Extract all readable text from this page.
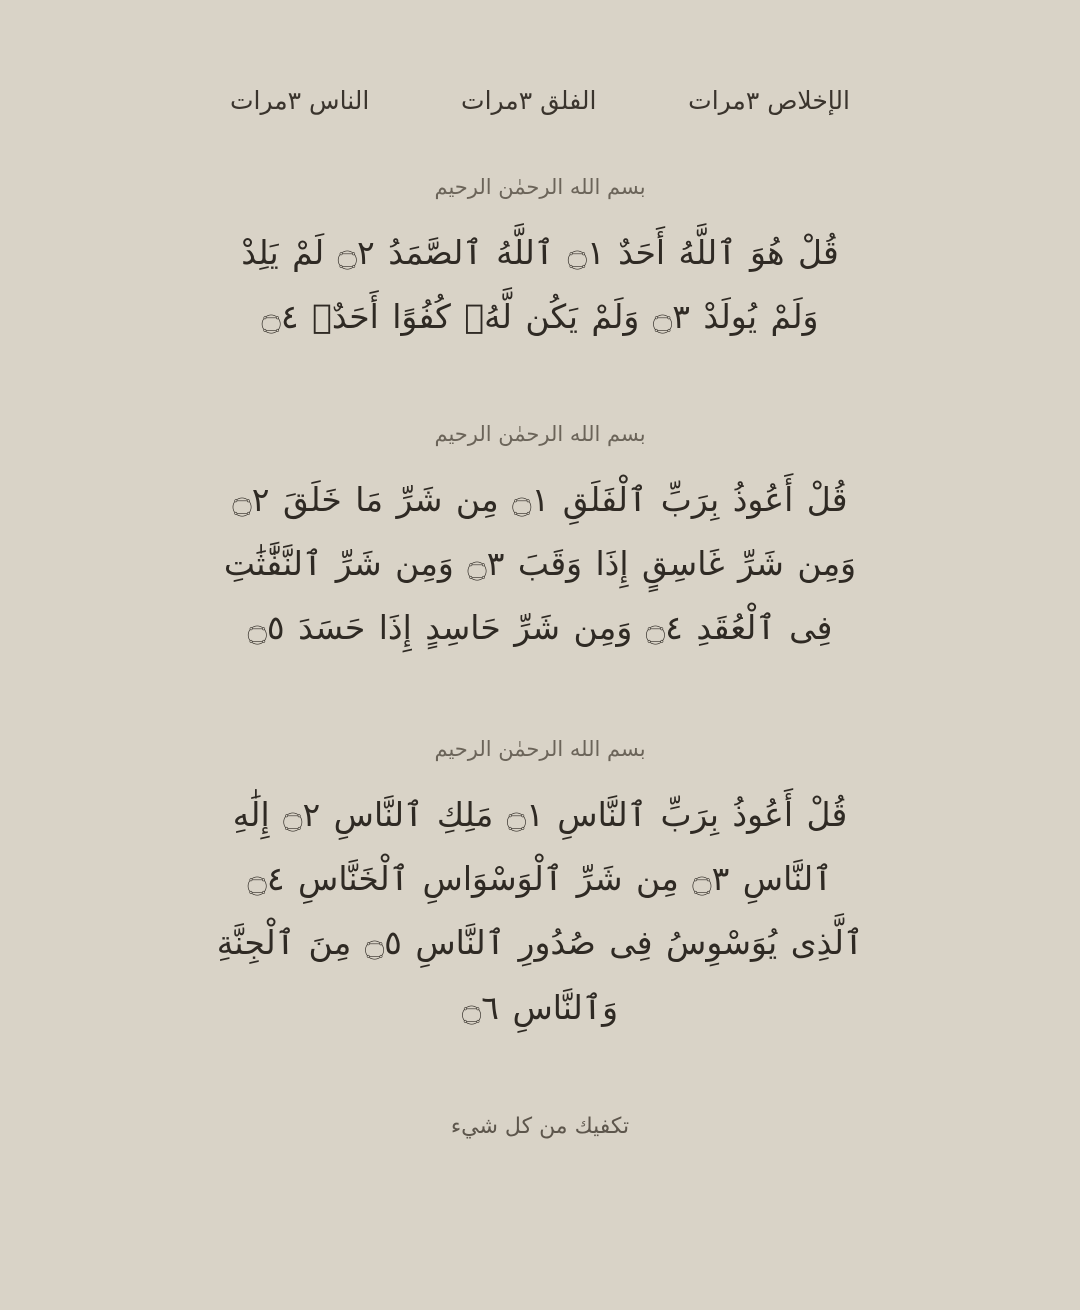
الإخلاص ٣مرات
الفلق ٣مرات
الناس ٣مرات
بسم الله الرحمٰن الرحيم
قُلْ هُوَ ٱللَّهُ أَحَدٌ ۝١ ٱللَّهُ ٱلصَّمَدُ ۝٢ لَمْ يَلِدْ وَلَمْ يُولَدْ ۝٣ وَلَمْ يَكُن لَّهُۥ كُفُوًا أَحَدٌۢ ۝٤
بسم الله الرحمٰن الرحيم
قُلْ أَعُوذُ بِرَبِّ ٱلْفَلَقِ ۝١ مِن شَرِّ مَا خَلَقَ ۝٢ وَمِن شَرِّ غَاسِقٍ إِذَا وَقَبَ ۝٣ وَمِن شَرِّ ٱلنَّفَّٰثَٰتِ فِى ٱلْعُقَدِ ۝٤ وَمِن شَرِّ حَاسِدٍ إِذَا حَسَدَ ۝٥
بسم الله الرحمٰن الرحيم
قُلْ أَعُوذُ بِرَبِّ ٱلنَّاسِ ۝١ مَلِكِ ٱلنَّاسِ ۝٢ إِلَٰهِ ٱلنَّاسِ ۝٣ مِن شَرِّ ٱلْوَسْوَاسِ ٱلْخَنَّاسِ ۝٤ ٱلَّذِى يُوَسْوِسُ فِى صُدُورِ ٱلنَّاسِ ۝٥ مِنَ ٱلْجِنَّةِ وَٱلنَّاسِ ۝٦
تكفيك من كل شيء
